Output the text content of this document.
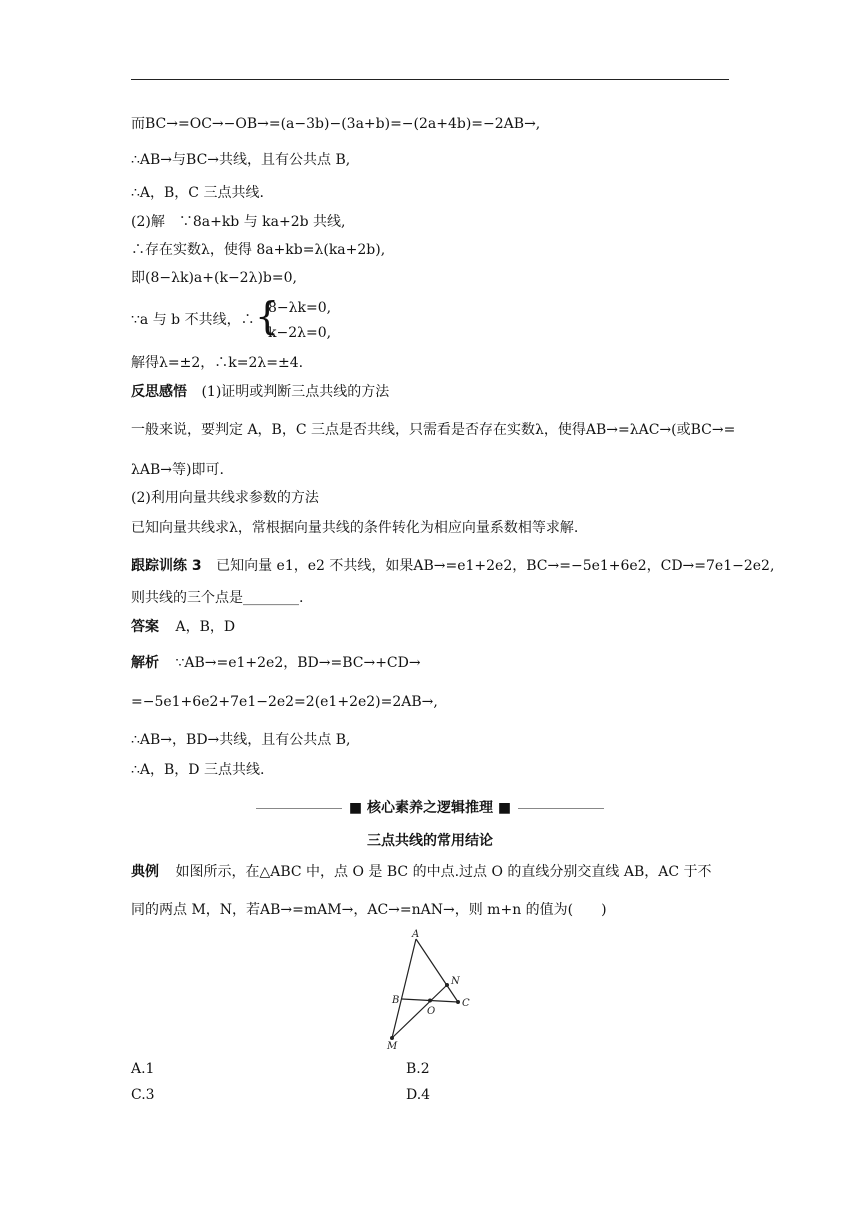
而BC→=OC→−OB→=(a−3b)−(3a+b)=−(2a+4b)=−2AB→,
∴AB→与BC→共线，且有公共点 B,
∴A，B，C 三点共线.
(2)解　∵8a+kb 与 ka+2b 共线,
∴存在实数λ，使得 8a+kb=λ(ka+2b),
即(8−λk)a+(k−2λ)b=0,
∵a 与 b 不共线，∴ {
8−λk=0,
k−2λ=0,
解得λ=±2，∴k=2λ=±4.
反思感悟 (1)证明或判断三点共线的方法
一般来说，要判定 A，B，C 三点是否共线，只需看是否存在实数λ，使得AB→=λAC→(或BC→=
λAB→等)即可.
(2)利用向量共线求参数的方法
已知向量共线求λ，常根据向量共线的条件转化为相应向量系数相等求解.
跟踪训练 3 已知向量 e1，e2 不共线，如果AB→=e1+2e2，BC→=−5e1+6e2，CD→=7e1−2e2,
则共线的三个点是________.
答案 A，B，D
解析 ∵AB→=e1+2e2，BD→=BC→+CD→
=−5e1+6e2+7e1−2e2=2(e1+2e2)=2AB→,
∴AB→，BD→共线，且有公共点 B,
∴A，B，D 三点共线.
■ 核心素养之逻辑推理 ■
三点共线的常用结论
典例 如图所示，在△ABC 中，点 O 是 BC 的中点.过点 O 的直线分别交直线 AB，AC 于不
同的两点 M，N，若AB→=mAM→，AC→=nAN→，则 m+n 的值为(　　)
A
B	C
N
O
M
A.1	B.2
C.3	D.4
